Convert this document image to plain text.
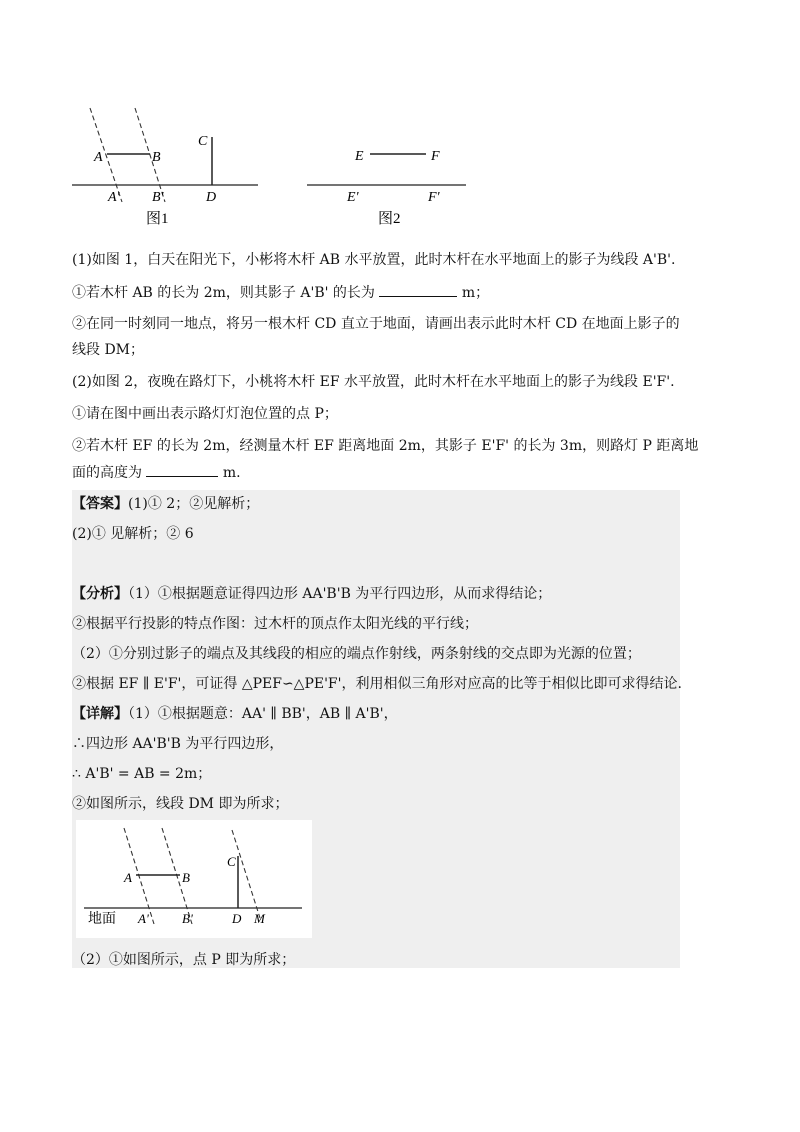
A	B
C
D
A' B'
图1
E	F
E'	F'
图2
(1)如图 1，白天在阳光下，小彬将木杆 AB 水平放置，此时木杆在水平地面上的影子为线段 A'B'.
①若木杆 AB 的长为 2m，则其影子 A'B' 的长为	m；
②在同一时刻同一地点，将另一根木杆 CD 直立于地面，请画出表示此时木杆 CD 在地面上影子的
线段 DM；
(2)如图 2，夜晚在路灯下，小桃将木杆 EF 水平放置，此时木杆在水平地面上的影子为线段 E'F'.
①请在图中画出表示路灯灯泡位置的点 P；
②若木杆 EF 的长为 2m，经测量木杆 EF 距离地面 2m，其影子 E'F' 的长为 3m，则路灯 P 距离地
面的高度为	m.
【答案】(1)① 2；②见解析；
(2)① 见解析；② 6
【分析】（1）①根据题意证得四边形 AA'B'B 为平行四边形，从而求得结论；
②根据平行投影的特点作图：过木杆的顶点作太阳光线的平行线；
（2）①分别过影子的端点及其线段的相应的端点作射线，两条射线的交点即为光源的位置；
②根据 EF ∥ E'F'，可证得 △PEF∽△PE'F'，利用相似三角形对应高的比等于相似比即可求得结论.
【详解】（1）①根据题意：AA' ∥ BB'，AB ∥ A'B'，
∴四边形 AA'B'B 为平行四边形，
∴ A'B' = AB = 2m；
②如图所示，线段 DM 即为所求；
A	B
C
D M
A'	B'
地面
（2）①如图所示，点 P 即为所求；
